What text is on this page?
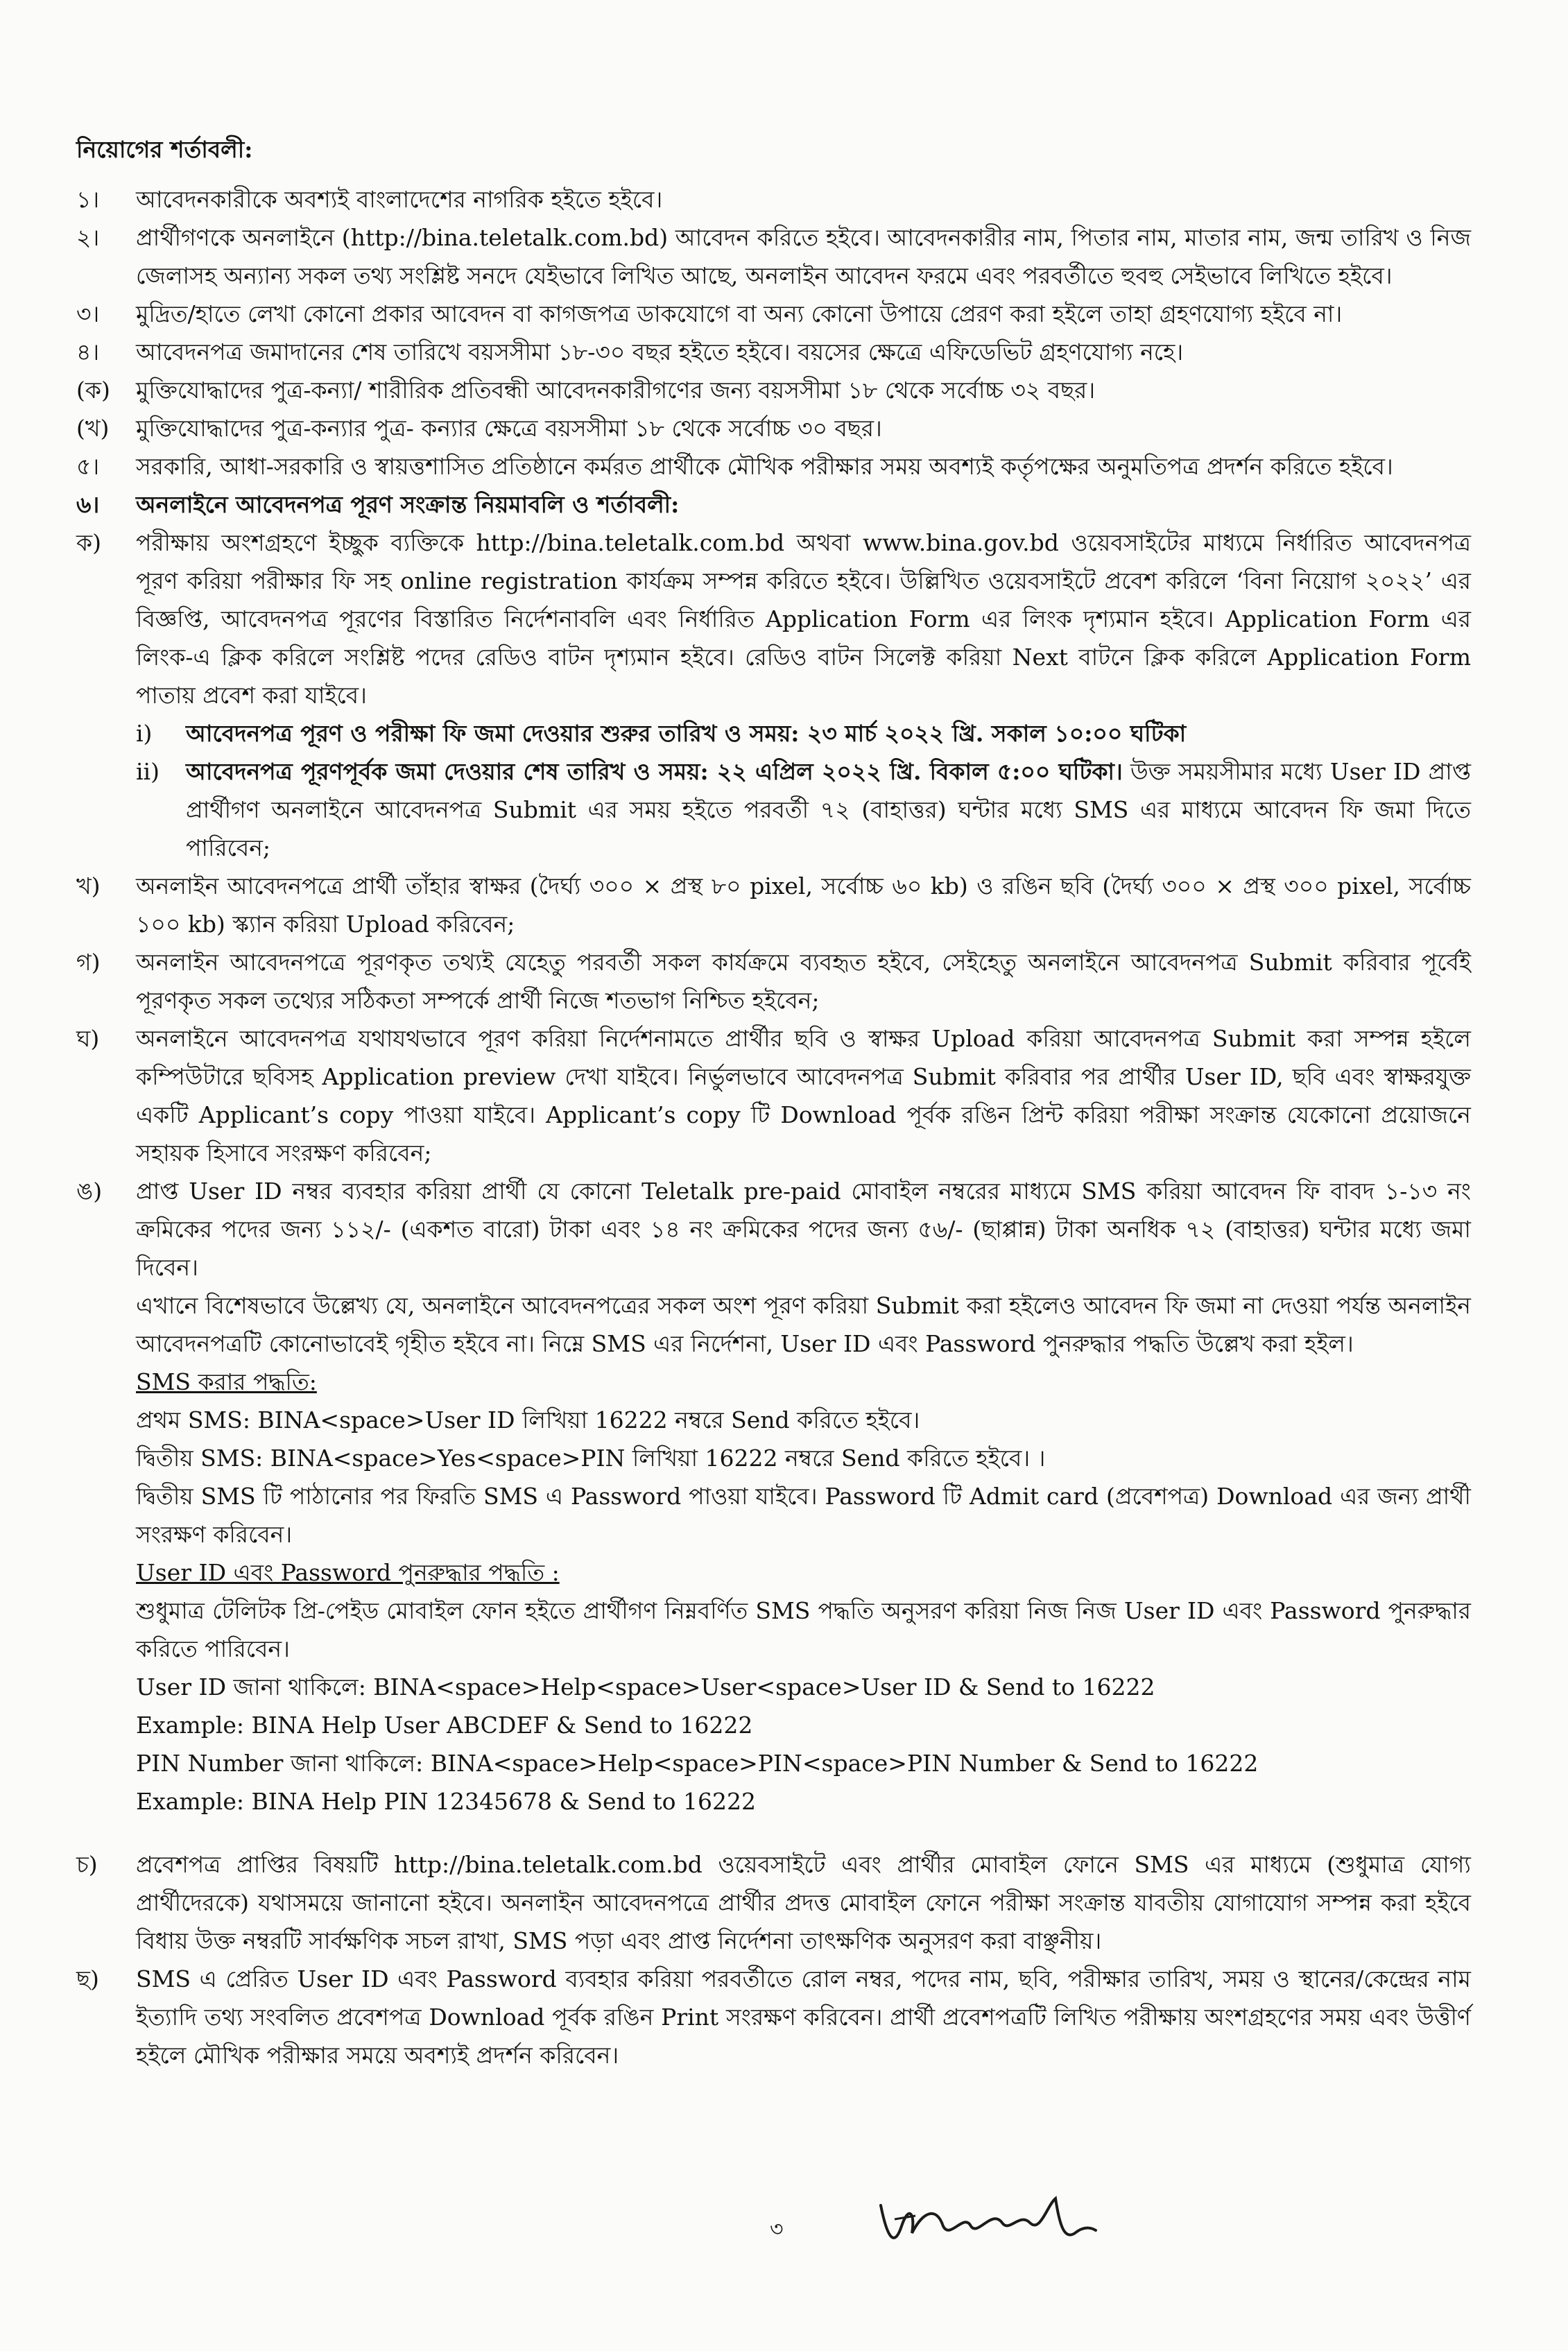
নিয়োগের শর্তাবলী:
১।	আবেদনকারীকে অবশ্যই বাংলাদেশের নাগরিক হইতে হইবে।
২।	প্রার্থীগণকে অনলাইনে (http://bina.teletalk.com.bd) আবেদন করিতে হইবে। আবেদনকারীর নাম, পিতার নাম, মাতার নাম, জন্ম তারিখ ও নিজ জেলাসহ অন্যান্য সকল তথ্য সংশ্লিষ্ট সনদে যেইভাবে লিখিত আছে, অনলাইন আবেদন ফরমে এবং পরবর্তীতে হুবহু সেইভাবে লিখিতে হইবে।
৩।	মুদ্রিত/হাতে লেখা কোনো প্রকার আবেদন বা কাগজপত্র ডাকযোগে বা অন্য কোনো উপায়ে প্রেরণ করা হইলে তাহা গ্রহণযোগ্য হইবে না।
৪।	আবেদনপত্র জমাদানের শেষ তারিখে বয়সসীমা ১৮-৩০ বছর হইতে হইবে। বয়সের ক্ষেত্রে এফিডেভিট গ্রহণযোগ্য নহে।
(ক)	মুক্তিযোদ্ধাদের পুত্র-কন্যা/ শারীরিক প্রতিবন্ধী আবেদনকারীগণের জন্য বয়সসীমা ১৮ থেকে সর্বোচ্চ ৩২ বছর।
(খ)	মুক্তিযোদ্ধাদের পুত্র-কন্যার পুত্র- কন্যার ক্ষেত্রে বয়সসীমা ১৮ থেকে সর্বোচ্চ ৩০ বছর।
৫।	সরকারি, আধা-সরকারি ও স্বায়ত্তশাসিত প্রতিষ্ঠানে কর্মরত প্রার্থীকে মৌখিক পরীক্ষার সময় অবশ্যই কর্তৃপক্ষের অনুমতিপত্র প্রদর্শন করিতে হইবে।
৬।	অনলাইনে আবেদনপত্র পূরণ সংক্রান্ত নিয়মাবলি ও শর্তাবলী:
ক)	পরীক্ষায় অংশগ্রহণে ইচ্ছুক ব্যক্তিকে http://bina.teletalk.com.bd অথবা www.bina.gov.bd ওয়েবসাইটের মাধ্যমে নির্ধারিত আবেদনপত্র পূরণ করিয়া পরীক্ষার ফি সহ online registration কার্যক্রম সম্পন্ন করিতে হইবে। উল্লিখিত ওয়েবসাইটে প্রবেশ করিলে ‘বিনা নিয়োগ ২০২২’ এর বিজ্ঞপ্তি, আবেদনপত্র পূরণের বিস্তারিত নির্দেশনাবলি এবং নির্ধারিত Application Form এর লিংক দৃশ্যমান হইবে। Application Form এর লিংক-এ ক্লিক করিলে সংশ্লিষ্ট পদের রেডিও বাটন দৃশ্যমান হইবে। রেডিও বাটন সিলেক্ট করিয়া Next বাটনে ক্লিক করিলে Application Form পাতায় প্রবেশ করা যাইবে।
i)	আবেদনপত্র পূরণ ও পরীক্ষা ফি জমা দেওয়ার শুরুর তারিখ ও সময়: ২৩ মার্চ ২০২২ খ্রি. সকাল ১০:০০ ঘটিকা
ii)	আবেদনপত্র পূরণপূর্বক জমা দেওয়ার শেষ তারিখ ও সময়: ২২ এপ্রিল ২০২২ খ্রি. বিকাল ৫:০০ ঘটিকা। উক্ত সময়সীমার মধ্যে User ID প্রাপ্ত প্রার্থীগণ অনলাইনে আবেদনপত্র Submit এর সময় হইতে পরবর্তী ৭২ (বাহাত্তর) ঘন্টার মধ্যে SMS এর মাধ্যমে আবেদন ফি জমা দিতে পারিবেন;
খ)	অনলাইন আবেদনপত্রে প্রার্থী তাঁহার স্বাক্ষর (দৈর্ঘ্য ৩০০ × প্রস্থ ৮০ pixel, সর্বোচ্চ ৬০ kb) ও রঙিন ছবি (দৈর্ঘ্য ৩০০ × প্রস্থ ৩০০ pixel, সর্বোচ্চ ১০০ kb) স্ক্যান করিয়া Upload করিবেন;
গ)	অনলাইন আবেদনপত্রে পূরণকৃত তথ্যই যেহেতু পরবর্তী সকল কার্যক্রমে ব্যবহৃত হইবে, সেইহেতু অনলাইনে আবেদনপত্র Submit করিবার পূর্বেই পূরণকৃত সকল তথ্যের সঠিকতা সম্পর্কে প্রার্থী নিজে শতভাগ নিশ্চিত হইবেন;
ঘ)	অনলাইনে আবেদনপত্র যথাযথভাবে পূরণ করিয়া নির্দেশনামতে প্রার্থীর ছবি ও স্বাক্ষর Upload করিয়া আবেদনপত্র Submit করা সম্পন্ন হইলে কম্পিউটারে ছবিসহ Application preview দেখা যাইবে। নির্ভুলভাবে আবেদনপত্র Submit করিবার পর প্রার্থীর User ID, ছবি এবং স্বাক্ষরযুক্ত একটি Applicant’s copy পাওয়া যাইবে। Applicant’s copy টি Download পূর্বক রঙিন প্রিন্ট করিয়া পরীক্ষা সংক্রান্ত যেকোনো প্রয়োজনে সহায়ক হিসাবে সংরক্ষণ করিবেন;
ঙ)	প্রাপ্ত User ID নম্বর ব্যবহার করিয়া প্রার্থী যে কোনো Teletalk pre-paid মোবাইল নম্বরের মাধ্যমে SMS করিয়া আবেদন ফি বাবদ ১-১৩ নং ক্রমিকের পদের জন্য ১১২/- (একশত বারো) টাকা এবং ১৪ নং ক্রমিকের পদের জন্য ৫৬/- (ছাপ্পান্ন) টাকা অনধিক ৭২ (বাহাত্তর) ঘন্টার মধ্যে জমা দিবেন।
এখানে বিশেষভাবে উল্লেখ্য যে, অনলাইনে আবেদনপত্রের সকল অংশ পূরণ করিয়া Submit করা হইলেও আবেদন ফি জমা না দেওয়া পর্যন্ত অনলাইন আবেদনপত্রটি কোনোভাবেই গৃহীত হইবে না। নিম্নে SMS এর নির্দেশনা, User ID এবং Password পুনরুদ্ধার পদ্ধতি উল্লেখ করা হইল।
SMS করার পদ্ধতি:
প্রথম SMS: BINA<space>User ID লিখিয়া 16222 নম্বরে Send করিতে হইবে।
দ্বিতীয় SMS: BINA<space>Yes<space>PIN লিখিয়া 16222 নম্বরে Send করিতে হইবে। ।
দ্বিতীয় SMS টি পাঠানোর পর ফিরতি SMS এ Password পাওয়া যাইবে। Password টি Admit card (প্রবেশপত্র) Download এর জন্য প্রার্থী সংরক্ষণ করিবেন।
User ID এবং Password পুনরুদ্ধার পদ্ধতি :
শুধুমাত্র টেলিটক প্রি-পেইড মোবাইল ফোন হইতে প্রার্থীগণ নিম্নবর্ণিত SMS পদ্ধতি অনুসরণ করিয়া নিজ নিজ User ID এবং Password পুনরুদ্ধার করিতে পারিবেন।
User ID জানা থাকিলে: BINA<space>Help<space>User<space>User ID & Send to 16222
Example: BINA Help User ABCDEF & Send to 16222
PIN Number জানা থাকিলে: BINA<space>Help<space>PIN<space>PIN Number & Send to 16222
Example: BINA Help PIN 12345678 & Send to 16222
চ)	প্রবেশপত্র প্রাপ্তির বিষয়টি http://bina.teletalk.com.bd ওয়েবসাইটে এবং প্রার্থীর মোবাইল ফোনে SMS এর মাধ্যমে (শুধুমাত্র যোগ্য প্রার্থীদেরকে) যথাসময়ে জানানো হইবে। অনলাইন আবেদনপত্রে প্রার্থীর প্রদত্ত মোবাইল ফোনে পরীক্ষা সংক্রান্ত যাবতীয় যোগাযোগ সম্পন্ন করা হইবে বিধায় উক্ত নম্বরটি সার্বক্ষণিক সচল রাখা, SMS পড়া এবং প্রাপ্ত নির্দেশনা তাৎক্ষণিক অনুসরণ করা বাঞ্ছনীয়।
ছ)	SMS এ প্রেরিত User ID এবং Password ব্যবহার করিয়া পরবর্তীতে রোল নম্বর, পদের নাম, ছবি, পরীক্ষার তারিখ, সময় ও স্থানের/কেন্দ্রের নাম ইত্যাদি তথ্য সংবলিত প্রবেশপত্র Download পূর্বক রঙিন Print সংরক্ষণ করিবেন। প্রার্থী প্রবেশপত্রটি লিখিত পরীক্ষায় অংশগ্রহণের সময় এবং উত্তীর্ণ হইলে মৌখিক পরীক্ষার সময়ে অবশ্যই প্রদর্শন করিবেন।
৩
